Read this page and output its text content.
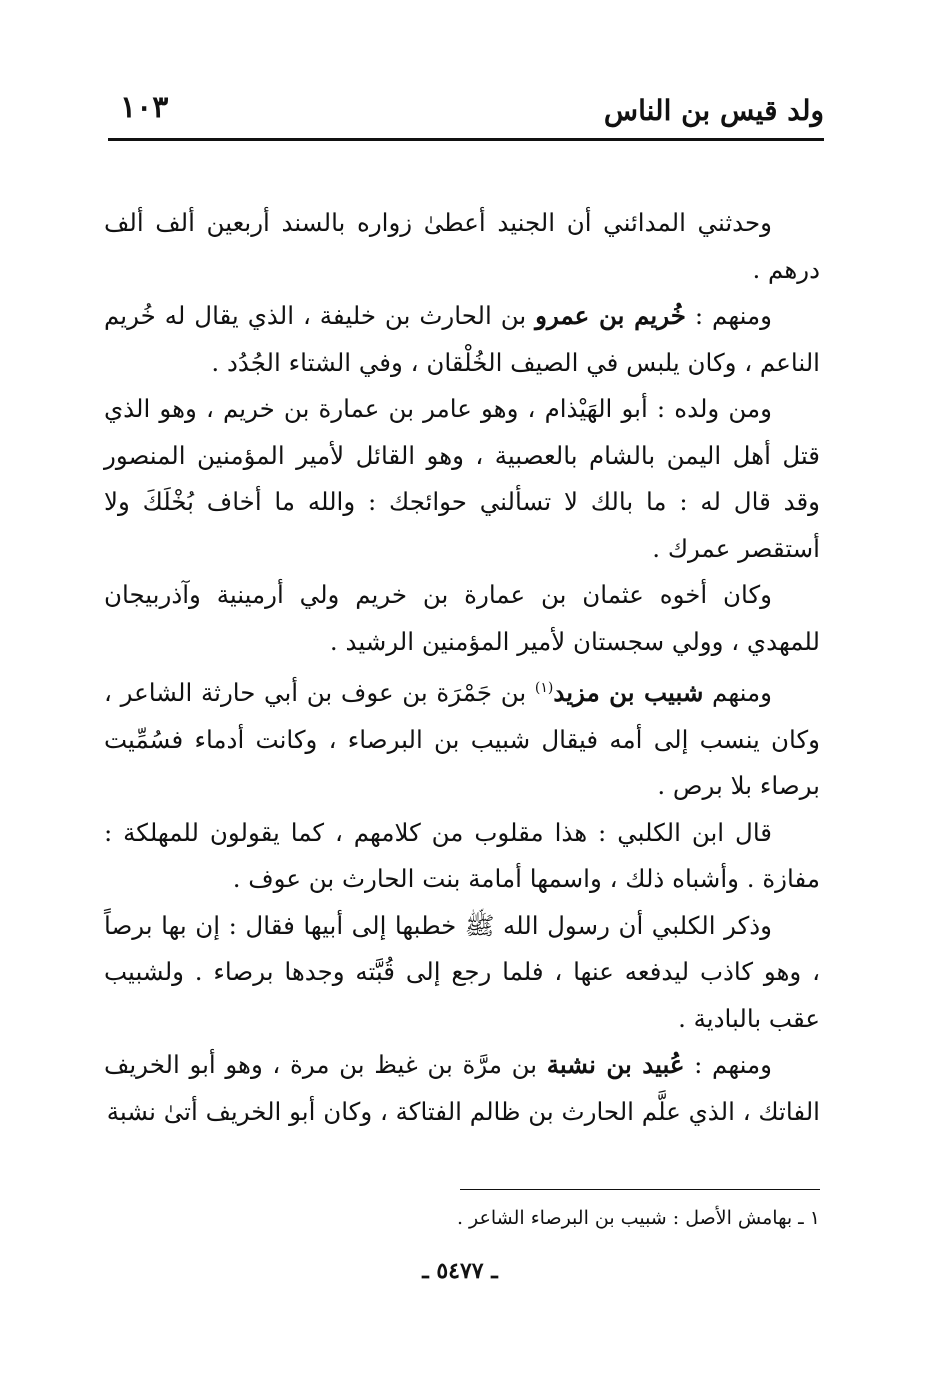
ولد قيس بن الناس
١٠٣

وحدثني المدائني أن الجنيد أعطىٰ زواره بالسند أربعين ألف ألف درهم .

ومنهم : خُريم بن عمرو بن الحارث بن خليفة ، الذي يقال له خُريم الناعم ، وكان يلبس في الصيف الخُلْقان ، وفي الشتاء الجُدُد .

ومن ولده : أبو الهَيْذام ، وهو عامر بن عمارة بن خريم ، وهو الذي قتل أهل اليمن بالشام بالعصبية ، وهو القائل لأمير المؤمنين المنصور وقد قال له : ما بالك لا تسألني حوائجك : والله ما أخاف بُخْلَكَ ولا أستقصر عمرك .

وكان أخوه عثمان بن عمارة بن خريم ولي أرمينية وآذربيجان للمهدي ، وولي سجستان لأمير المؤمنين الرشيد .

ومنهم شبيب بن مزيد$^{(١)}$ بن جَمْرَة بن عوف بن أبي حارثة الشاعر ، وكان ينسب إلى أمه فيقال شبيب بن البرصاء ، وكانت أدماء فسُمِّيت برصاء بلا برص .

قال ابن الكلبي : هذا مقلوب من كلامهم ، كما يقولون للمهلكة : مفازة . وأشباه ذلك ، واسمها أمامة بنت الحارث بن عوف .

وذكر الكلبي أن رسول الله ﷺ خطبها إلى أبيها فقال : إن بها برصاً ، وهو كاذب ليدفعه عنها ، فلما رجع إلى قُبَّته وجدها برصاء . ولشبيب عقب بالبادية .

ومنهم : عُبيد بن نشبة بن مرَّة بن غيظ بن مرة ، وهو أبو الخريف الفاتك ، الذي علَّم الحارث بن ظالم الفتاكة ، وكان أبو الخريف أتىٰ نشبة

١ ـ بهامش الأصل : شبيب بن البرصاء الشاعر .
ـ ٥٤٧٧ ـ
